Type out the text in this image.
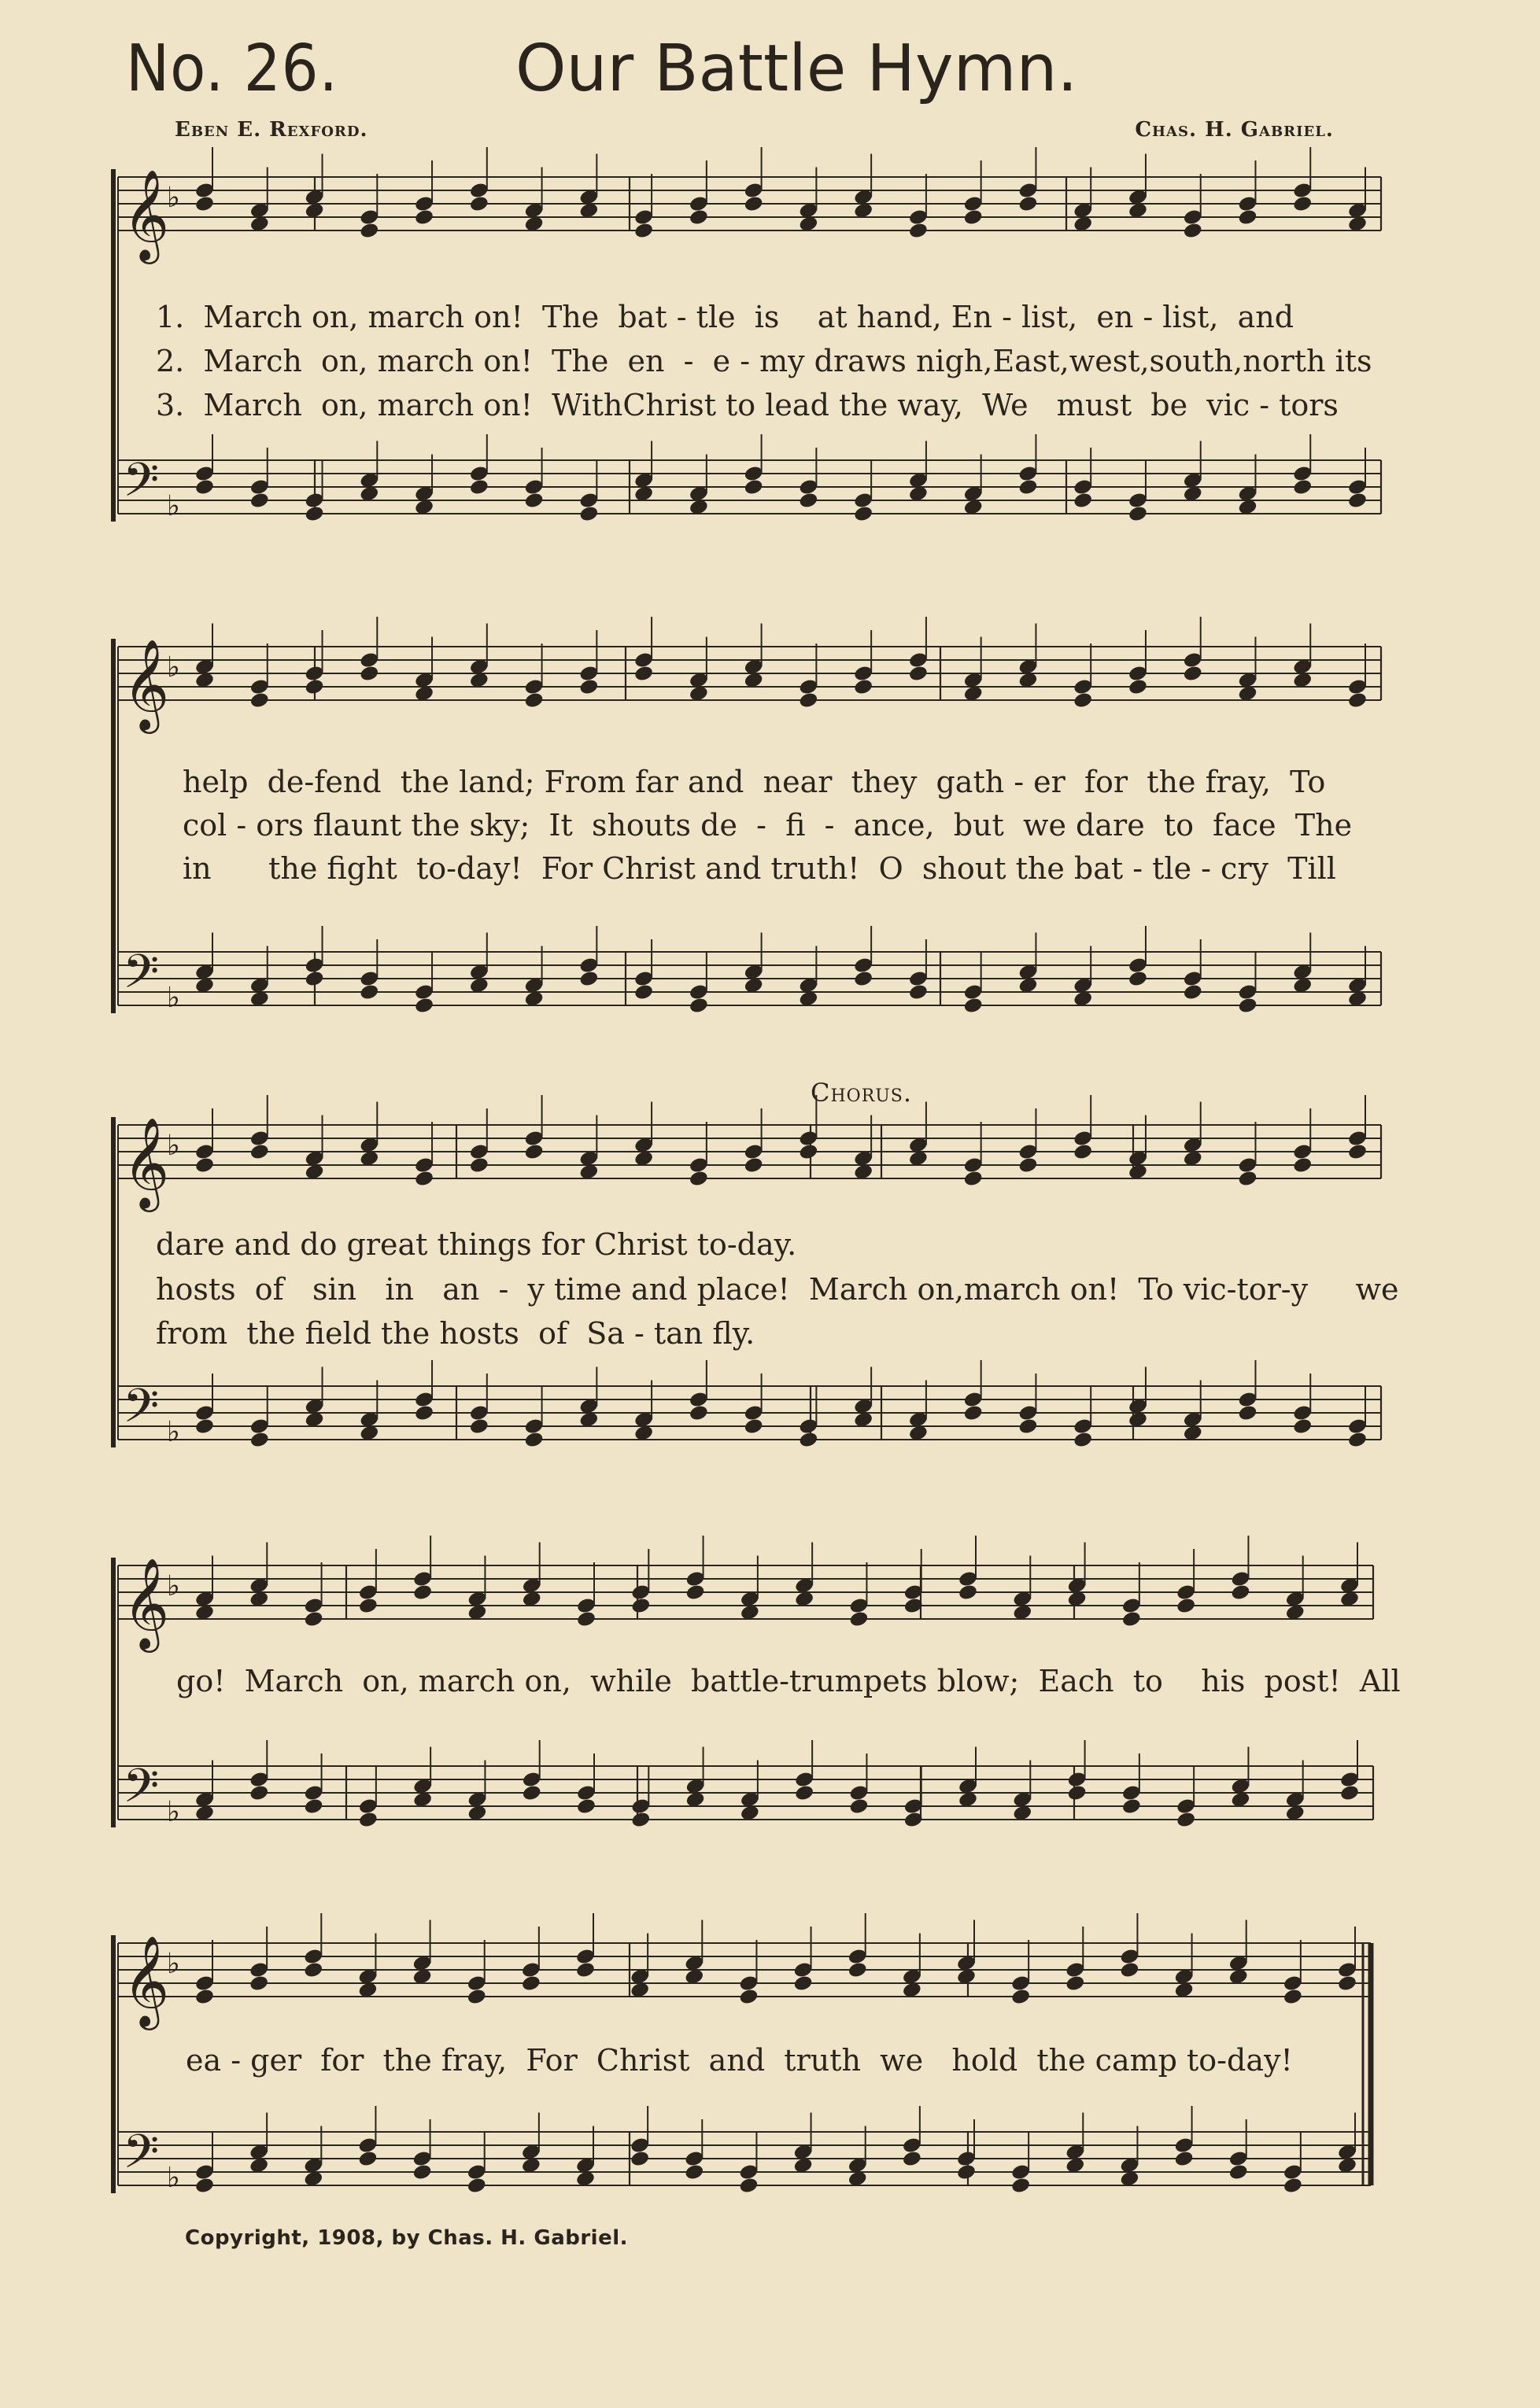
No. 26.	Our Battle Hymn.
Eben E. Rexford.	Chas. H. Gabriel.
𝄞
𝄢
♭
♭
𝄞
𝄢
♭
♭
𝄞
𝄢
♭
♭
𝄞
𝄢
♭
♭
𝄞
𝄢
♭
♭
1.  March on, march on!  The  bat - tle  is    at hand, En - list,  en - list,  and
2.  March  on, march on!  The  en  -  e - my draws nigh,East,west,south,north its
3.  March  on, march on!  WithChrist to lead the way,  We   must  be  vic - tors
help  de-fend  the land; From far and  near  they  gath - er  for  the fray,  To
col - ors flaunt the sky;  It  shouts de  -  fi  -  ance,  but  we dare  to  face  The
in      the fight  to-day!  For Christ and truth!  O  shout the bat - tle - cry  Till
Chorus.
dare and do great things for Christ to-day.
hosts  of   sin   in   an  -  y time and place!  March on,march on!  To vic-tor-y     we
from  the field the hosts  of  Sa - tan fly.
go!  March  on, march on,  while  battle-trumpets blow;  Each  to    his  post!  All
ea - ger  for  the fray,  For  Christ  and  truth  we   hold  the camp to-day!
Copyright, 1908, by Chas. H. Gabriel.
